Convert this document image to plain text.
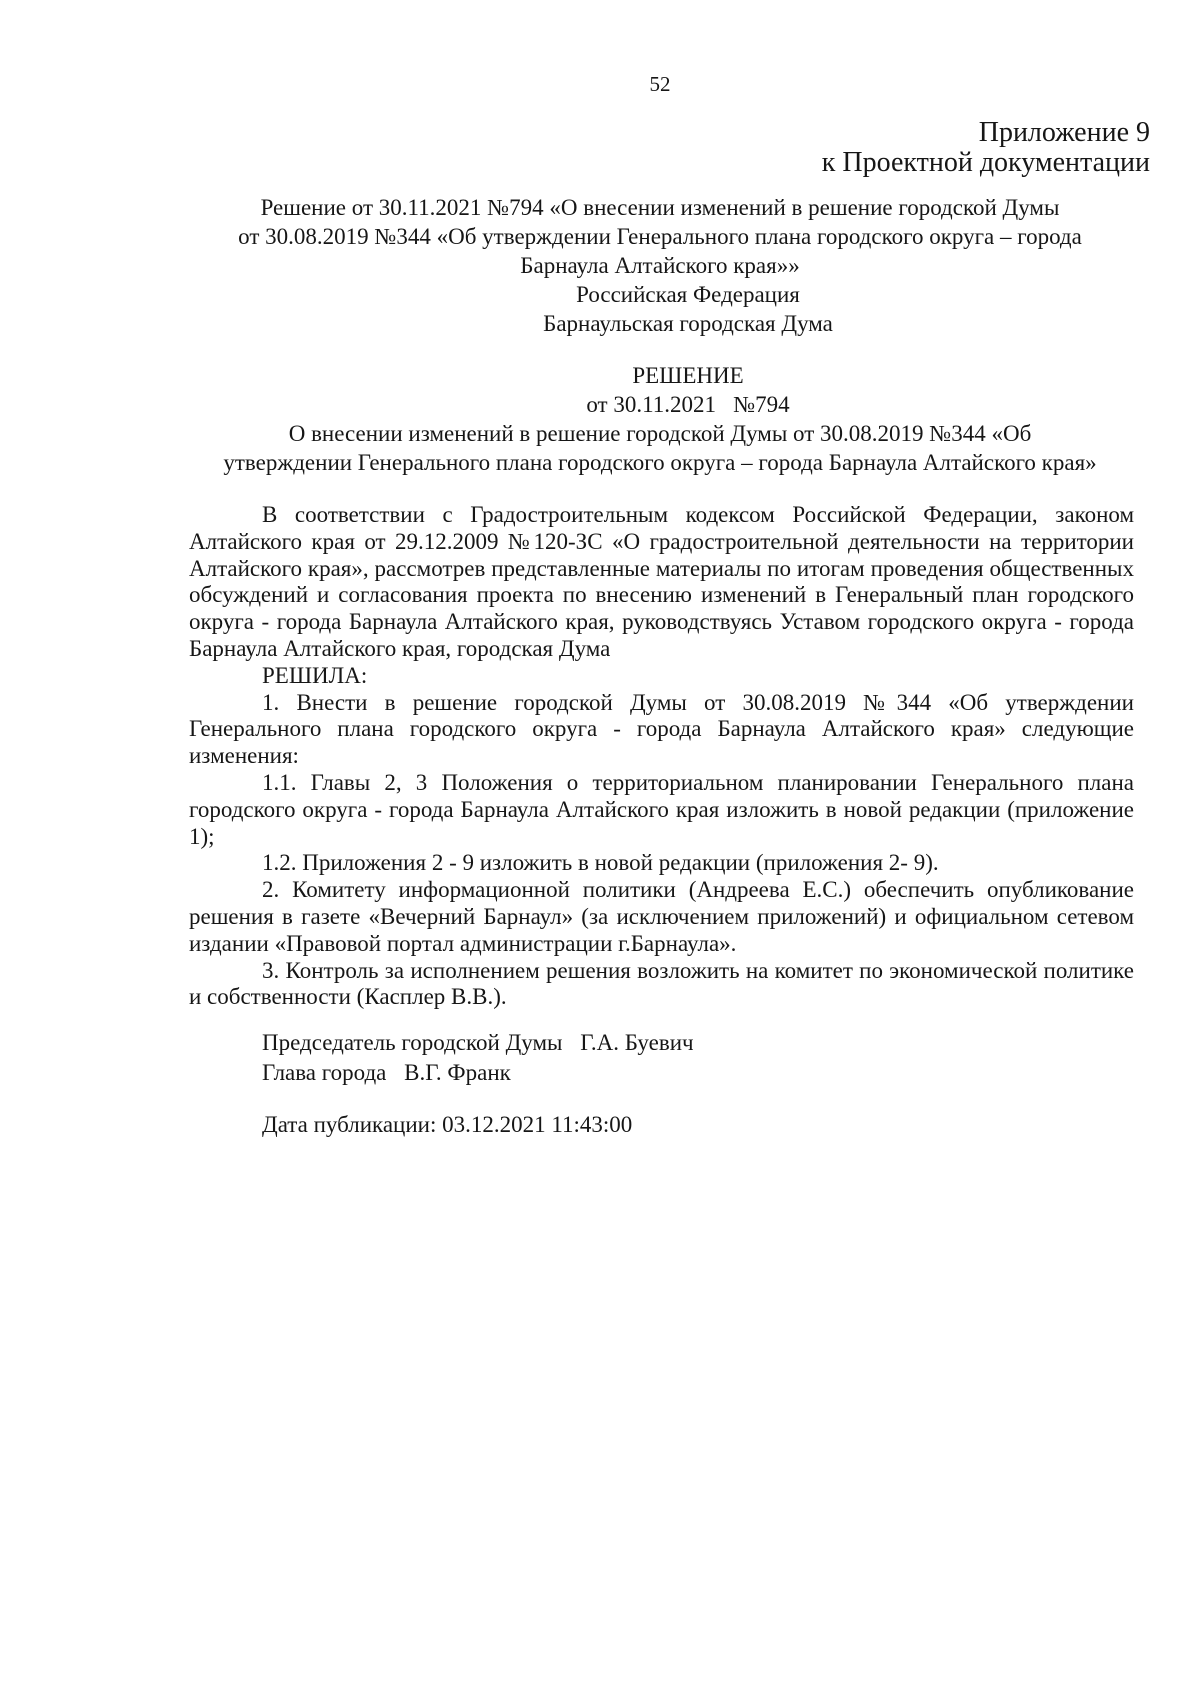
52
Приложение 9
к Проектной документации
Решение от 30.11.2021 №794 «О внесении изменений в решение городской Думы
от 30.08.2019 №344 «Об утверждении Генерального плана городского округа – города
Барнаула Алтайского края»»
Российская Федерация
Барнаульская городская Дума
РЕШЕНИЕ
от 30.11.2021   №794
О внесении изменений в решение городской Думы от 30.08.2019 №344 «Об
утверждении Генерального плана городского округа – города Барнаула Алтайского края»

В соответствии с Градостроительным кодексом Российской Федерации, законом Алтайского края от 29.12.2009 №120-ЗС «О градостроительной деятельности на территории Алтайского края», рассмотрев представленные материалы по итогам проведения общественных обсуждений и согласования проекта по внесению изменений в Генеральный план городского округа - города Барнаула Алтайского края, руководствуясь Уставом городского округа - города Барнаула Алтайского края, городская Дума

РЕШИЛА:

1. Внести в решение городской Думы от 30.08.2019 №344 «Об утверждении Генерального плана городского округа - города Барнаула Алтайского края» следующие изменения:

1.1. Главы 2, 3 Положения о территориальном планировании Генерального плана городского округа - города Барнаула Алтайского края изложить в новой редакции (приложение 1);

1.2. Приложения 2 - 9 изложить в новой редакции (приложения 2- 9).

2. Комитету информационной политики (Андреева Е.С.) обеспечить опубликование решения в газете «Вечерний Барнаул» (за исключением приложений) и официальном сетевом издании «Правовой портал администрации г.Барнаула».

3. Контроль за исполнением решения возложить на комитет по экономической политике и собственности (Касплер В.В.).

Председатель городской Думы Г.А. Буевич
Глава города В.Г. Франк
Дата публикации: 03.12.2021 11:43:00
